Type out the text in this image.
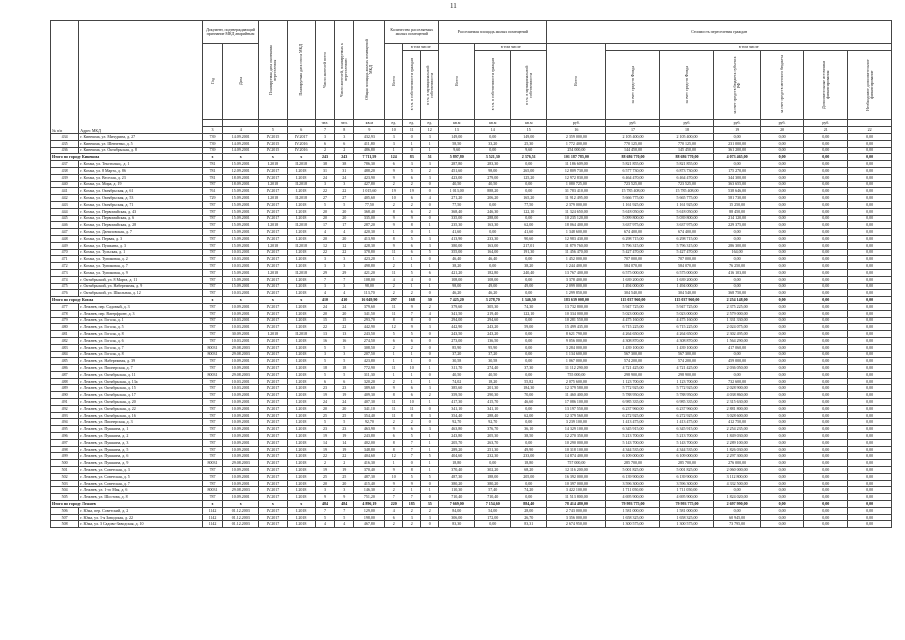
11
№ п/п	Адрес МКД	Документ, подтверждающий признание МКД аварийным		Планируемая дата окончания переселения	Планируемая дата сноса МКД	Число жителей всего	Число жителей, планируемых к переселению	Общая площадь жилых помещений МКД	Количество расселяемых жилых помещений			Расселяемая площадь жилых помещений			Стоимость переселения граждан						
		Год	Дата						Всего	в том числе		Всего	в том числе		Всего	в том числе					
										в т.ч. в собственности граждан	в т.ч. в муниципальной собственности		в т.ч. в собственности граждан	в т.ч. в муниципальной собственности		за счет средств Фонда	за счет средств Фонда	за счет средств бюджета субъекта РФ	за счет средств местного бюджета	Дополнительные источники финансирования	Необходимое дополнительное финансирование
						чел.	чел.	кв.м	ед.	ед.	ед.	кв.м	кв.м	кв.м	руб.	руб.	руб.	руб.	руб.	руб.	
		3	4	5	6	7	8	9	10	11	12	13	14	15	16	17	18	19	20	21	22
434	г. Кинешма, ул. Мичурина, д. 27	739	14.09.2001	IV.2015	IV.2017	3	3	432,93	3	0	3	149,00	0,00	149,00	2 359 000,00	2 105 400,00	2 105 400,00	0,00	0,00	0,00	0,00
435	г. Кинешма, ул. Шевченко, д. 5	739	14.09.2001	IV.2015	IV.2016	6	6	411,80	3	1	1	58,50	33,20	25,30	1 772 400,00	770 125,00	770 125,00	231 000,00	0,00	0,00	0,00
436	г. Кинешма, ул. Октябрьская, д. 8	739	14.09.2001	IV.2015	IV.2016	2	2	486,80	1	0	1	9,60	0,00	9,60	254 000,00	144 450,00	145 450,00	361 200,00	0,00	0,00	0,00
Итого по городу Кинешма		x	x	x	x	243	243	7 711,59	124	83	51	5 897,80	3 521,30	2 376,51	101 187 785,00	88 686 770,00	88 686 770,00	4 073 465,00	0,00	0,00	0,00
437	г. Кохма, ул. Текстильщ., д. 1	781	15.09.2001	I.2018	II.2018	38	38	786,30	6	3	3	287,80	283,30	0,00	11 186 609,00	5 821 855,00	5 821 855,00	0,00	0,00	0,00	0,00
438	г. Кохма, ул. 8 Марта, д. 86	781	12.09.2001	IV.2017	I.2018	31	31	488,20	9	5	2	451,60	98,00	265,00	12 809 730,00	6 577 730,00	6 873 730,00	175 270,00	0,00	0,00	0,00
439	г. Кохма, ул. Веселая, д. 23	781	18.09.2001	IV.2017	I.2018	24	24	423,90	9	6	3	423,00	279,00	125,20	12 972 830,00	6 464 470,00	6 464 470,00	344 300,00	0,00	0,00	0,00
440	г. Кохма, ул. Мира, д. 19	787	18.09.2001	I.2018	II.2018	3	3	427,80	2	2	0	40,50	40,50	0,00	1 080 725,00	723 525,00	723 525,00	363 655,00	0,00	0,00	0,00
441	г. Кохма, ул. Октябрьская, д. 61	761	15.09.2001	IV.2017	I.2018	22	22	1 015,60	19	19	0	1 013,00	888,20	0,00	31 783 410,00	15 785 408,00	15 785 408,00	538 646,00	0,00	0,00	0,00
442	г. Кохма, ул. Октябрьская, д. 53	729	15.09.2001	I.2018	II.2018	27	27	405,60	10	6	4	271,20	206,20	165,20	11 912 495,00	5 666 775,00	5 665 775,00	581 730,00	0,00	0,00	0,00
443	г. Кохма, ул. Октябрьская, д. 71	787	15.09.2001	IV.2017	I.2018	5	5	77,50	2	2	0	77,50	0,00	77,50	2 379 000,00	1 161 925,00	1 161 925,00	15 250,00	0,00	0,00	0,00
444	г. Кохма, ул. Первомайская, д. 43	787	15.09.2001	IV.2017	I.2018	20	20	368,40	8	6	2	368,40	246,30	122,10	11 324 650,00	5 618 050,00	5 618 050,00	88 450,00	0,00	0,00	0,00
445	г. Кохма, ул. Первомайская, д. 6	787	15.09.2001	IV.2017	I.2018	20	20	335,00	9	9	0	335,00	288,00	0,00	10 235 120,00	5 099 800,00	5 039 800,00	214 120,00	0,00	0,00	0,00
446	г. Кохма, ул. Первомайская, д. 28	787	15.09.2001	I.2018	II.2018	17	17	287,20	9	8	1	235,30	163,30	62,00	18 064 400,00	3 637 975,00	3 637 975,00	229 375,00	0,00	0,00	0,00
447	г. Кохма, ул. Даниловская, д. 7	787	15.09.2001	IV.2017	I.2018	4	4	420,30	1	0	1	41,60	0,00	41,60	1 348 600,00	674 400,00	674 400,00	0,00	0,00	0,00	0,00
448	г. Кохма, ул. Первая, д. 3	787	15.09.2001	IV.2017	I.2018	20	20	413,90	8	5	3	413,90	233,30	90,60	12 983 430,00	6 298 715,00	6 298 715,00	0,00	0,00	0,00	0,00
449	г. Кохма, ул. Пушкина, д. 3	787	15.09.2001	I.2018	II.2018	12	12	428,30	9	6	3	380,00	163,00	217,01	11 879 760,00	5 796 315,00	5 796 315,00	286 300,00	0,00	0,00	0,00
470	г. Кохма, ул. Тульская, д. 1	787	10.03.2001	IV.2017	I.2018	22	22	378,80	11	6	5	355,00	164,00	191,30	11 456 470,00	5 427 470,00	5 427 470,00	164,00	0,00	0,00	0,00
471	г. Кохма, ул. Тупиковая, д. 2	787	10.03.2001	IV.2017	I.2018	3	3	423,20	1	1	0	46,40	46,40	0,00	1 452 000,00	707 000,00	707 000,00	0,00	0,00	0,00	0,00
472	г. Кохма, ул. Тупиковая, д. 7	787	10.03.2001	IV.2017	I.2018	3	3	498,80	2	1	1	38,20	0,00	38,20	1 244 400,00	584 070,00	584 070,00	76 250,00	0,00	0,00	0,00
473	г. Кохма, ул. Тупиковая, д. 9	787	15.09.2001	I.2018	II.2018	29	29	421,20	11	5	6	421,20	182,80	240,40	13 767 400,00	6 575 000,00	6 575 000,00	416 103,00	0,00	0,00	0,00
474	г. Октябрьский, ул. 8 Марта, д. 11	787	15.09.2001	IV.2017	I.2018	7	7	108,00	4	4	0	108,00	108,00	0,00	3 378 400,00	1 639 200,00	1 639 200,00	0,00	0,00	0,00	0,00
475	г. Октябрьский, ул. Набережная, д. 9	787	15.09.2001	IV.2017	I.2018	3	3	98,00	2	1	1	98,00	49,00	49,00	2 099 000,00	1 494 000,00	1 494 000,00	0,00	0,00	0,00	0,00
476	г. Октябрьский, ул. Школьная, д. 12	787	10.03.2001	IV.2017	I.2018	4	4	113,70	2	2	0	46,20	46,20	0,00	1 299 850,00	304 540,00	304 540,00	368 750,00	0,00	0,00	0,00
Итого по городу Кохма		x	x	x	x	410	410	16 049,90	297	168	30	7 425,20	3 278,70	1 346,50	183 639 008,00	115 037 960,00	115 037 960,00	2 254 148,00	0,00	0,00	0,00
477	г. Лежнев, пер. Садовый, д. 3	787	10.09.2001	IV.2017	I.2018	24	24	379,60	11	9	2	379,60	305,30	74,30	13 732 800,00	5 947 725,00	5 947 725,00	2 375 225,00	0,00	0,00	0,00
478	г. Лежнев, пер. Ватерфронт, д. 3	787	10.09.2001	IV.2017	I.2018	20	20	341,50	11	7	4	341,50	219,40	122,10	10 334 000,00	5 023 000,00	5 023 000,00	2 579 000,00	0,00	0,00	0,00
479	г. Лежнев, ул. Гоголя, д. 1	787	10.03.2001	IV.2017	I.2018	15	15	293,70	8	8	0	294,00	294,60	0,00	10 281 550,00	4 475 160,00	4 475 160,00	1 331 330,00	0,00	0,00	0,00
480	г. Лежнев, ул. Гоголя, д. 5	787	10.03.2001	IV.2017	I.2018	22	22	442,90	12	9	3	442,90	243,20	59,00	15 499 435,00	6 715 225,00	6 715 225,00	2 024 075,00	0,00	0,00	0,00
481	г. Лежнев, ул. Гоголя, д. 8	787	30.09.2001	I.2018	II.2018	13	13	243,50	5	5	0	243,50	243,20	0,00	8 621 790,00	4 264 650,00	4 264 650,00	2 302 495,00	0,00	0,00	0,00
482	г. Лежнев, ул. Гоголя, д. 6	787	10.03.2001	IV.2017	I.2018	16	16	274,50	6	6	0	273,00	136,50	0,00	9 056 000,00	4 308 870,00	4 308 870,00	1 564 290,00	0,00	0,00	0,00
483	г. Лежнев, ул. Гоголя, д. 7	80031	29.08.2003	IV.2017	I.2018	5	5	308,50	2	2	0	85,90	95,90	0,00	3 284 000,00	1 439 100,00	1 439 100,00	417 060,00	0,00	0,00	0,00
484	г. Лежнев, ул. Гоголя, д. 8	80031	29.08.2003	IV.2017	I.2018	3	3	207,50	1	1	0	37,20	37,20	0,00	1 134 600,00	567 300,00	567 300,00	0,00	0,00	0,00	0,00
485	г. Лежнев, ул. Набережная, д. 39	787	10.09.2001	IV.2017	I.2018	5	5	423,80	1	1	0	30,58	30,58	0,00	1 067 000,00	574 200,00	574 200,00	459 000,00	0,00	0,00	0,00
486	г. Лежнев, ул. Пионерская, д. 7	787	10.09.2001	IV.2017	I.2018	18	18	772,90	11	10	1	311,70	274,40	37,30	11 112 290,00	4 721 425,00	4 721 425,00	2 036 050,00	0,00	0,00	0,00
487	г. Лежнев, ул. Октябрьская, д. 11	80031	29.08.2003	IV.2017	I.2018	5	5	311,30	1	1	0	40,50	40,50	0,00	755 000,00	298 900,00	298 900,00	0,00	0,00	0,00	0,00
488	г. Лежнев, ул. Октябрьская, д. 13а	787	10.03.2001	IV.2017	I.2018	6	6	320,20	2	1	1	74,02	18,20	55,82	2 075 600,00	1 123 700,00	1 123 700,00	732 600,00	0,00	0,00	0,00
489	г. Лежнев, ул. Октябрьская, д. 15	787	10.03.2001	IV.2017	I.2018	23	23	389,60	9	6	3	385,60	201,30	184,30	12 379 580,00	5 772 925,00	5 772 925,00	2 028 900,00	0,00	0,00	0,00
490	г. Лежнев, ул. Октябрьская, д. 17	787	10.09.2001	IV.2017	I.2018	19	19	409,30	8	6	2	359,50	290,30	70,00	11 460 400,00	5 788 950,00	5 788 950,00	4 038 860,00	0,00	0,00	0,00
491	г. Лежнев, ул. Октябрьская, д. 20	787	10.09.2001	IV.2017	I.2018	24	24	407,30	11	10	1	417,30	415,70	46,60	17 086 100,00	6 985 335,00	6 985 335,00	2 315 630,00	0,00	0,00	0,00
492	г. Лежнев, ул. Октябрьская, д. 22	787	10.09.2001	IV.2017	I.2018	20	20	341,10	11	11	0	341,10	341,10	0,00	13 197 550,00	6 237 960,00	6 237 960,00	2 881 800,00	0,00	0,00	0,00
493	г. Лежнев, ул. Октябрьская, д. 16	787	10.09.2001	IV.2017	I.2018	25	25	354,40	11	8	3	354,40	288,40	62,00	12 379 560,00	6 272 925,00	6 272 925,00	3 028 600,00	0,00	0,00	0,00
494	г. Лежнев, ул. Пионерская, д. 3	787	10.09.2001	IV.2017	I.2018	5	5	92,70	2	2	0	92,70	92,70	0,00	3 239 100,00	1 413 475,00	1 413 475,00	412 750,00	0,00	0,00	0,00
495	г. Лежнев, ул. Пушкина, д. 1	787	10.09.2001	IV.2017	I.2018	23	23	463,90	9	6	3	463,80	376,70	36,10	14 329 100,00	6 345 915,00	6 345 915,00	2 254 235,00	0,00	0,00	0,00
496	г. Лежнев, ул. Пушкина, д. 2	787	10.09.2001	IV.2017	I.2018	19	19	243,80	6	5	1	243,80	205,30	38,50	12 270 350,00	5 213 700,00	5 213 700,00	1 849 030,00	0,00	0,00	0,00
497	г. Лежнев, ул. Пушкина, д. 3	787	10.09.2001	IV.2017	I.2018	14	14	402,00	8	7	1	205,70	263,70	0,00	10 290 000,00	5 143 700,00	5 143 700,00	2 289 100,00	0,00	0,00	0,00
498	г. Лежнев, ул. Пушкина, д. 5	787	10.09.2001	IV.2017	I.2018	19	19	348,80	8	7	1	289,20	251,30	49,90	10 318 100,00	4 344 535,00	4 344 535,00	1 826 030,00	0,00	0,00	0,00
499	г. Лежнев, ул. Пушкина, д. 6	787	10.09.2001	IV.2017	I.2018	22	22	404,60	12	7	5	404,60	232,30	233,00	14 874 400,00	6 109 000,00	6 109 000,00	2 297 300,00	0,00	0,00	0,00
500	г. Лежнев, ул. Пушкина, д. 9	80031	29.08.2003	IV.2017	I.2018	2	2	416,30	1	0	1	18,80	0,00	18,80	757 000,00	285 700,00	285 700,00	276 000,00	0,00	0,00	0,00
501	г. Лежнев, ул. Советская, д. 3	787	10.09.2001	IV.2017	I.2018	19	19	370,40	9	8	1	370,40	302,20	68,20	12 116 200,00	5 001 825,00	5 001 825,00	2 060 000,00	0,00	0,00	0,00
502	г. Лежнев, ул. Советская, д. 5	787	10.09.2001	IV.2017	I.2018	25	25	487,30	10	5	5	487,30	188,00	205,00	16 392 000,00	6 139 900,00	6 139 900,00	3 112 800,00	0,00	0,00	0,00
503	г. Лежнев, ул. Советская, д. 7	787	10.09.2001	IV.2017	I.2018	20	20	415,40	9	9	0	380,20	380,20	0,00	10 397 000,00	3 596 300,00	3 596 300,00	4 332 500,00	0,00	0,00	0,00
504	г. Лежнев, ул. 1-го Мая, д. 6	80031	29.08.2003	IV.2017	I.2018	3	3	146,30	2	1	1	110,30	57,40	74,20	3 422 100,00	1 711 050,00	1 711 050,00	0,00	0,00	0,00	0,00
505	г. Лежнев, ул. Шостова, д. 8	787	10.09.2001	IV.2017	I.2018	9	9	751,20	7	7	0	710,40	710,40	0,00	11 513 800,00	4 695 900,00	4 695 900,00	1 824 020,00	0,00	0,00	0,00
Итого по городу Лежнев		x	x	x	x	484	484	4 896,19	220	185	35	7 669,00	7 154,60	884,40	78 414 480,00	79 993 775,00	79 993 775,00	2 697 990,00	0,00	0,00	0,00
506	г. Южа, пер. Советский, д. 2	1142	01.12.2003	IV.2017	I.2018	7	7	129,00	4	2	2	84,00	54,00	28,00	2 743 000,00	1 581 000,00	1 581 000,00	0,00	0,00	0,00	0,00
507	г. Южа, ул. 1-я Заводская, д. 22	1142	01.12.2003	IV.2017	I.2018	5	5	198,00	6	3	3	306,00	172,00	26,70	3 356 000,00	1 658 325,00	1 658 325,00	60 945,00	0,00	0,00	0,00
508	г. Южа, ул. 3 Садово-Заводская, д. 10	1142	01.12.2003	IV.2017	I.2018	4	4	467,80	2	2	0	83,30	0,00	83,31	2 674 950,00	1 300 575,00	1 300 575,00	73 795,00	0,00	0,00	0,00
